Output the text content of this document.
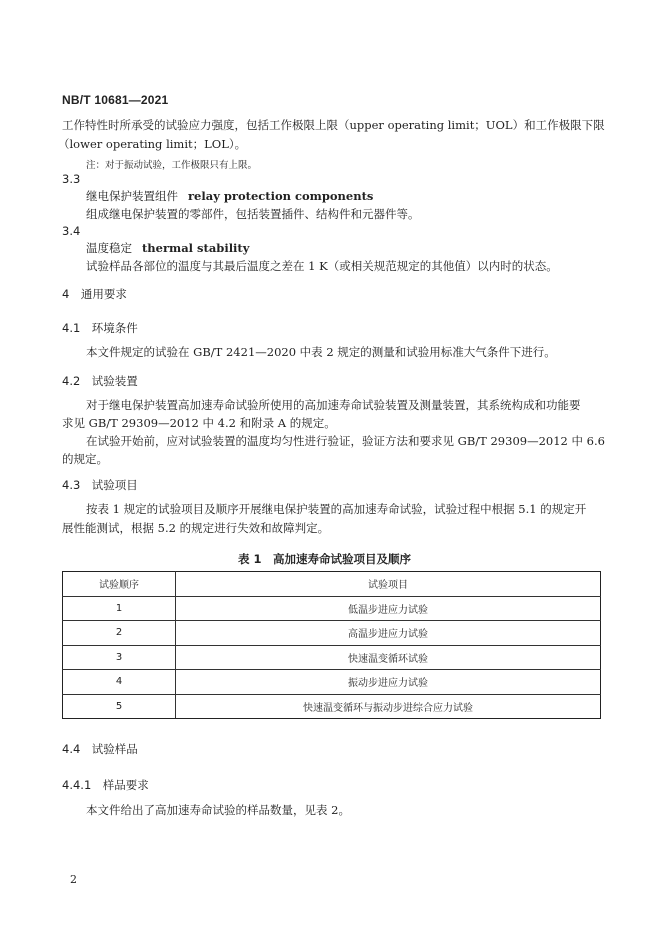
NB/T 10681—2021
工作特性时所承受的试验应力强度，包括工作极限上限（upper operating limit；UOL）和工作极限下限
（lower operating limit；LOL）。
注：对于振动试验，工作极限只有上限。
3.3
继电保护装置组件 relay protection components
组成继电保护装置的零部件，包括装置插件、结构件和元器件等。
3.4
温度稳定 thermal stability
试验样品各部位的温度与其最后温度之差在 1 K（或相关规范规定的其他值）以内时的状态。
4　通用要求
4.1　环境条件
本文件规定的试验在 GB/T 2421—2020 中表 2 规定的测量和试验用标准大气条件下进行。
4.2　试验装置
对于继电保护装置高加速寿命试验所使用的高加速寿命试验装置及测量装置，其系统构成和功能要
求见 GB/T 29309—2012 中 4.2 和附录 A 的规定。
在试验开始前，应对试验装置的温度均匀性进行验证，验证方法和要求见 GB/T 29309—2012 中 6.6
的规定。
4.3　试验项目
按表 1 规定的试验项目及顺序开展继电保护装置的高加速寿命试验，试验过程中根据 5.1 的规定开
展性能测试，根据 5.2 的规定进行失效和故障判定。
表 1　高加速寿命试验项目及顺序
试验顺序	试验项目
1	低温步进应力试验
2	高温步进应力试验
3	快速温变循环试验
4	振动步进应力试验
5	快速温变循环与振动步进综合应力试验
4.4　试验样品
4.4.1　样品要求
本文件给出了高加速寿命试验的样品数量，见表 2。
2
